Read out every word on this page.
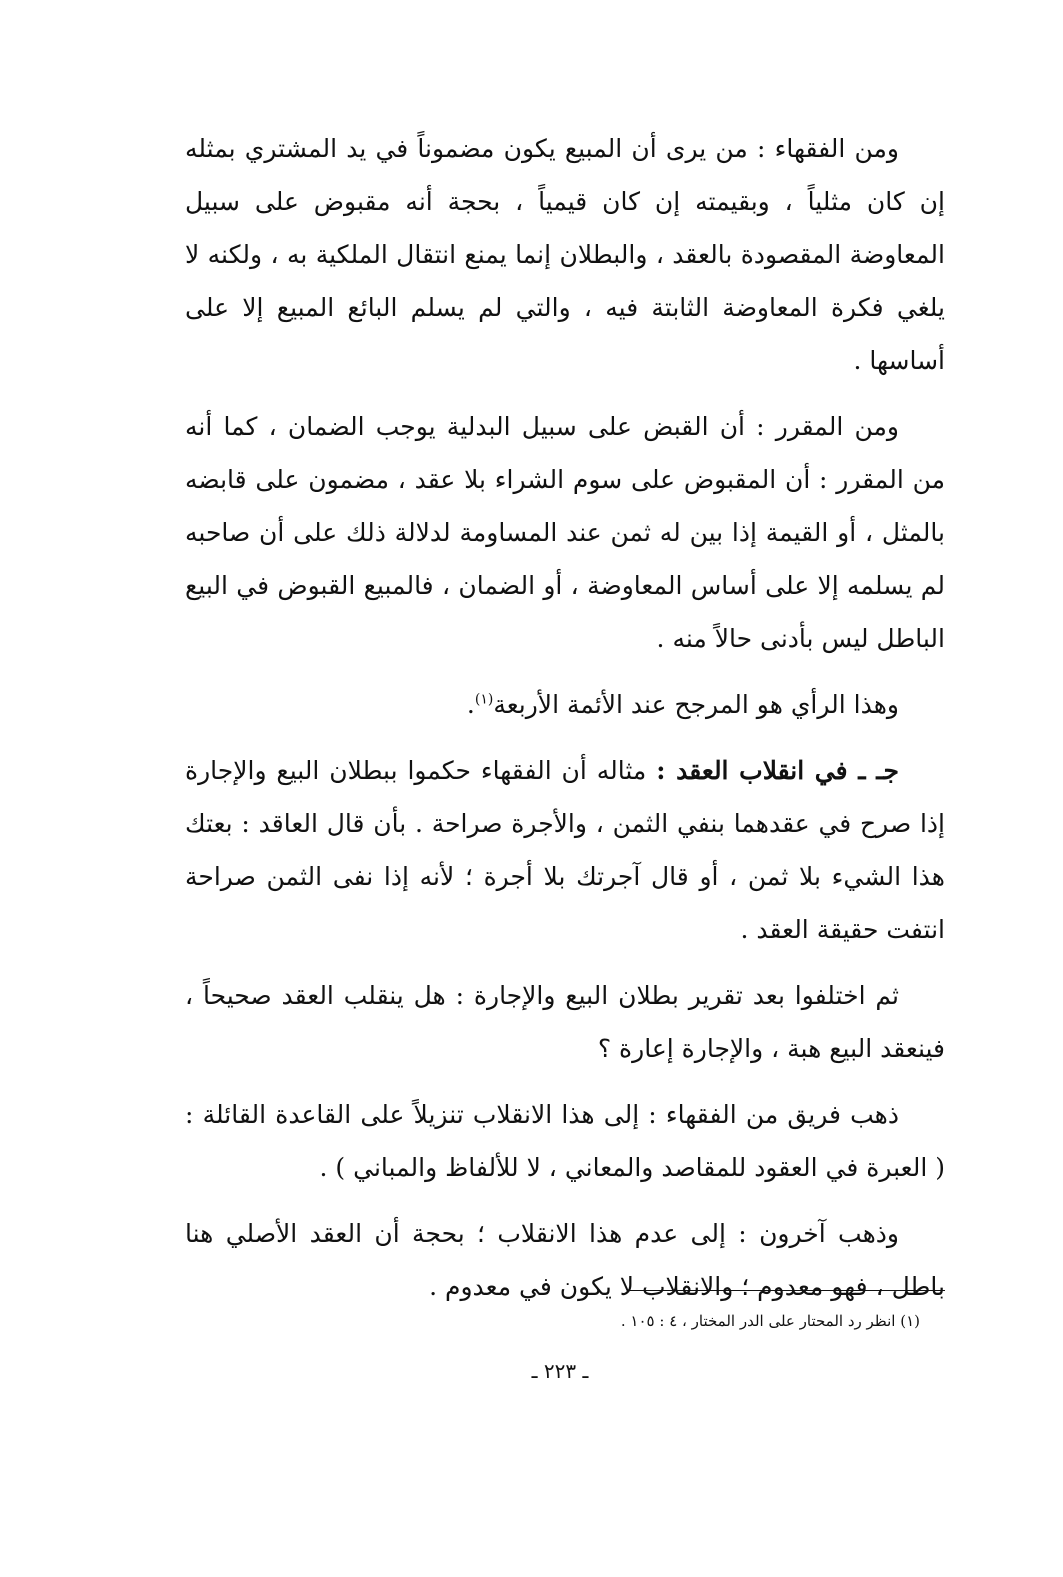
ومن الفقهاء : من يرى أن المبيع يكون مضموناً في يد المشتري بمثله إن كان مثلياً ، وبقيمته إن كان قيمياً ، بحجة أنه مقبوض على سبيل المعاوضة المقصودة بالعقد ، والبطلان إنما يمنع انتقال الملكية به ، ولكنه لا يلغي فكرة المعاوضة الثابتة فيه ، والتي لم يسلم البائع المبيع إلا على أساسها .

ومن المقرر : أن القبض على سبيل البدلية يوجب الضمان ، كما أنه من المقرر : أن المقبوض على سوم الشراء بلا عقد ، مضمون على قابضه بالمثل ، أو القيمة إذا بين له ثمن عند المساومة لدلالة ذلك على أن صاحبه لم يسلمه إلا على أساس المعاوضة ، أو الضمان ، فالمبيع القبوض في البيع الباطل ليس بأدنى حالاً منه .

وهذا الرأي هو المرجح عند الأئمة الأربعة$^{(١)}$.

جـ ـ في انقلاب العقد : مثاله أن الفقهاء حكموا ببطلان البيع والإجارة إذا صرح في عقدهما بنفي الثمن ، والأجرة صراحة . بأن قال العاقد : بعتك هذا الشيء بلا ثمن ، أو قال آجرتك بلا أجرة ؛ لأنه إذا نفى الثمن صراحة انتفت حقيقة العقد .

ثم اختلفوا بعد تقرير بطلان البيع والإجارة : هل ينقلب العقد صحيحاً ، فينعقد البيع هبة ، والإجارة إعارة ؟

ذهب فريق من الفقهاء : إلى هذا الانقلاب تنزيلاً على القاعدة القائلة : ( العبرة في العقود للمقاصد والمعاني ، لا للألفاظ والمباني ) .

وذهب آخرون : إلى عدم هذا الانقلاب ؛ بحجة أن العقد الأصلي هنا باطل ، فهو معدوم ؛ والانقلاب لا يكون في معدوم .

(١) انظر رد المحتار على الدر المختار ، ٤ : ١٠٥ .
ـ ٢٢٣ ـ
